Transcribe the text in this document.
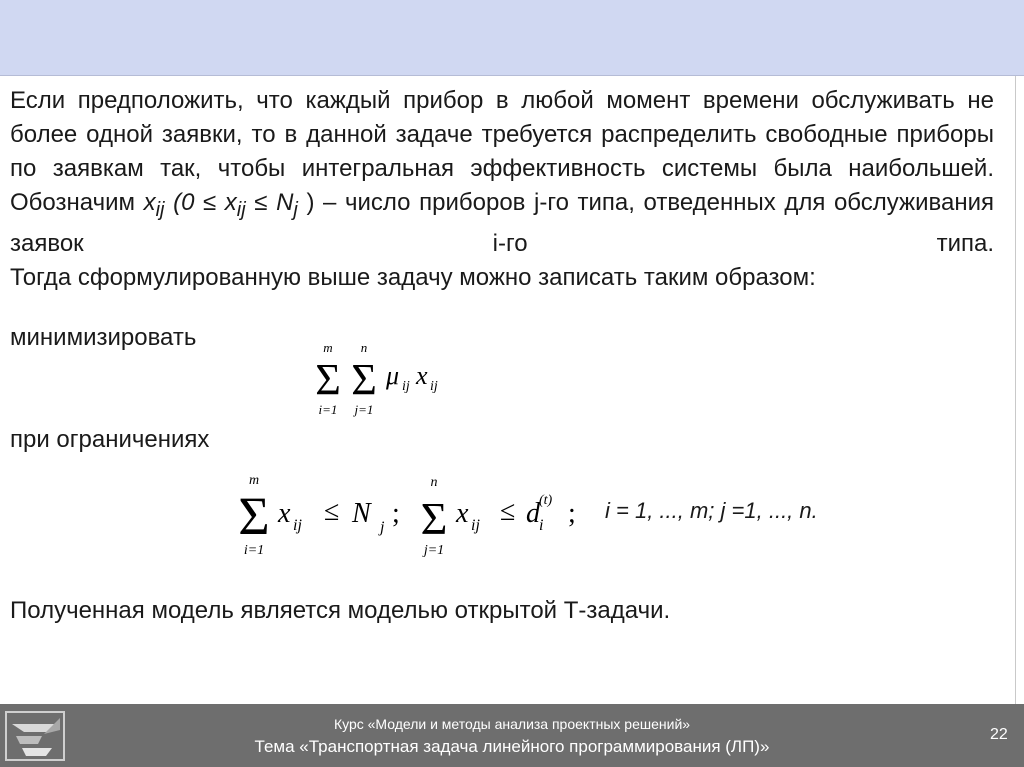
Если предположить, что каждый прибор в любой момент времени обслуживать не более одной заявки, то в данной задаче требуется распределить свободные приборы по заявкам так, чтобы интегральная эффективность системы была наибольшей.

Обозначим $x_{ij}$ ($0 \le x_{ij} \le N_j$ ) – число приборов j-го типа, отведенных для обслуживания заявок i-го типа.

Тогда сформулированную выше задачу можно записать таким образом:

минимизировать	m
Σ
i=1
n
Σ
j=1
μ ij x ij
при ограничениях
m
Σ
i=1
x ij ≤ N j ;
n
Σ
j=1
x ij ≤ d (t)
i ; i = 1, ..., m; j =1, ..., n.
Полученная модель является моделью открытой Т-задачи.
Курс «Модели и методы анализа проектных решений»
Тема «Транспортная задача линейного программирования (ЛП)»
22
